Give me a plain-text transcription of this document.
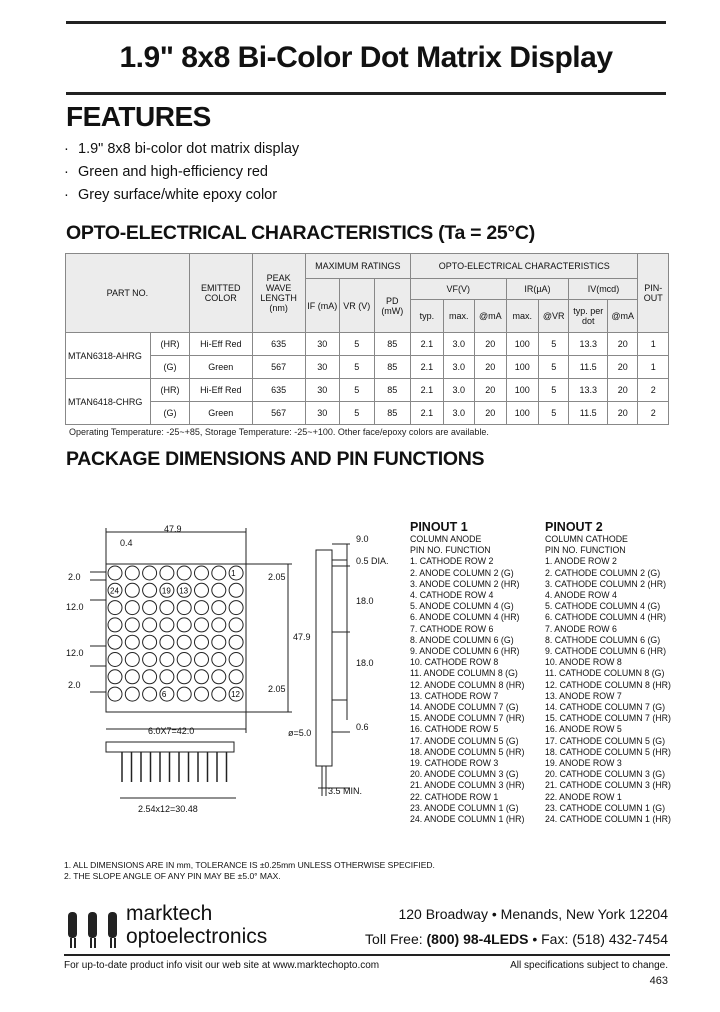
1.9" 8x8 Bi-Color Dot Matrix Display
FEATURES
· 1.9" 8x8 bi-color dot matrix display
· Green and high-efficiency red
· Grey surface/white epoxy color
OPTO-ELECTRICAL CHARACTERISTICS (Ta = 25°C)
PART NO.		EMITTED COLOR	PEAK WAVE LENGTH (nm)	MAXIMUM RATINGS			OPTO-ELECTRICAL CHARACTERISTICS							PIN-OUT
				IF (mA)	VR (V)	PD (mW)	VF(V)			IR(µA)		IV(mcd)		
							typ.	max.	@mA	max.	@VR	typ. per dot	@mA	
MTAN6318-AHRG	(HR)	Hi-Eff Red	635	30	5	85	2.1	3.0	20	100	5	13.3	20	1
	(G)	Green	567	30	5	85	2.1	3.0	20	100	5	11.5	20	1
MTAN6418-CHRG	(HR)	Hi-Eff Red	635	30	5	85	2.1	3.0	20	100	5	13.3	20	2
	(G)	Green	567	30	5	85	2.1	3.0	20	100	5	11.5	20	2
Operating Temperature: -25~+85, Storage Temperature: -25~+100. Other face/epoxy colors are available.
PACKAGE DIMENSIONS AND PIN FUNCTIONS
24	19 13
1
6	12
47.9
0.4
2.0
12.0
12.0
2.0
2.05
2.05
47.9
6.0X7=42.0	ø=5.0
2.54x12=30.48
9.0
0.5 DIA.
18.0
18.0
0.6
3.5 MIN.
PINOUT 1
COLUMN ANODE
PIN NO. FUNCTION
1. CATHODE ROW 2
2. ANODE COLUMN 2 (G)
3. ANODE COLUMN 2 (HR)
4. CATHODE ROW 4
5. ANODE COLUMN 4 (G)
6. ANODE COLUMN 4 (HR)
7. CATHODE ROW 6
8. ANODE COLUMN 6 (G)
9. ANODE COLUMN 6 (HR)
10. CATHODE ROW 8
11. ANODE COLUMN 8 (G)
12. ANODE COLUMN 8 (HR)
13. CATHODE ROW 7
14. ANODE COLUMN 7 (G)
15. ANODE COLUMN 7 (HR)
16. CATHODE ROW 5
17. ANODE COLUMN 5 (G)
18. ANODE COLUMN 5 (HR)
19. CATHODE ROW 3
20. ANODE COLUMN 3 (G)
21. ANODE COLUMN 3 (HR)
22. CATHODE ROW 1
23. ANODE COLUMN 1 (G)
24. ANODE COLUMN 1 (HR)
PINOUT 2
COLUMN CATHODE
PIN NO. FUNCTION
1. ANODE ROW 2
2. CATHODE COLUMN 2 (G)
3. CATHODE COLUMN 2 (HR)
4. ANODE ROW 4
5. CATHODE COLUMN 4 (G)
6. CATHODE COLUMN 4 (HR)
7. ANODE ROW 6
8. CATHODE COLUMN 6 (G)
9. CATHODE COLUMN 6 (HR)
10. ANODE ROW 8
11. CATHODE COLUMN 8 (G)
12. CATHODE COLUMN 8 (HR)
13. ANODE ROW 7
14. CATHODE COLUMN 7 (G)
15. CATHODE COLUMN 7 (HR)
16. ANODE ROW 5
17. CATHODE COLUMN 5 (G)
18. CATHODE COLUMN 5 (HR)
19. ANODE ROW 3
20. CATHODE COLUMN 3 (G)
21. CATHODE COLUMN 3 (HR)
22. ANODE ROW 1
23. CATHODE COLUMN 1 (G)
24. CATHODE COLUMN 1 (HR)
1. ALL DIMENSIONS ARE IN mm, TOLERANCE IS ±0.25mm UNLESS OTHERWISE SPECIFIED.
2. THE SLOPE ANGLE OF ANY PIN MAY BE ±5.0° MAX.
marktech
optoelectronics
120 Broadway • Menands, New York 12204
Toll Free: (800) 98-4LEDS • Fax: (518) 432-7454
For up-to-date product info visit our web site at www.marktechopto.com	All specifications subject to change.
463
